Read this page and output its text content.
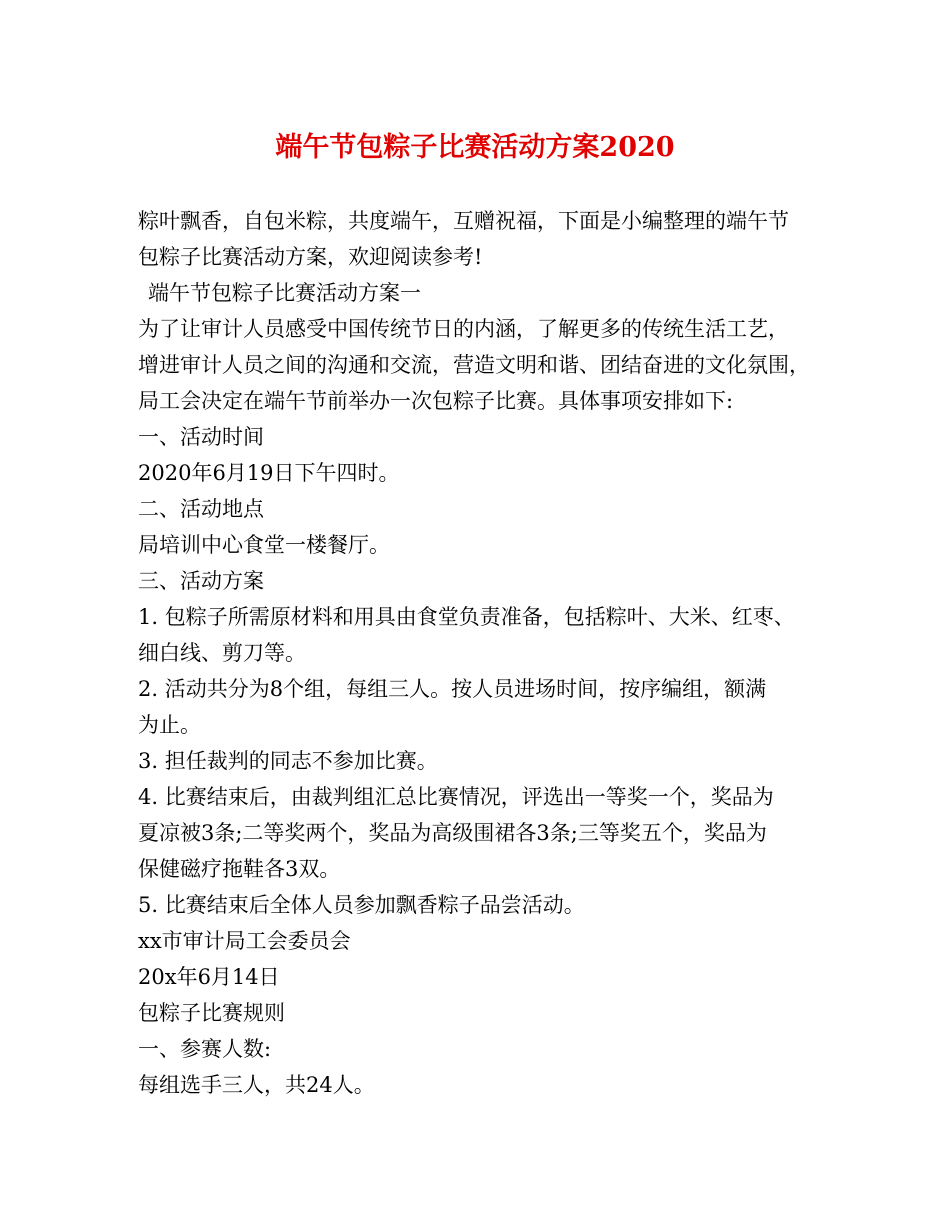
端午节包粽子比赛活动方案2020
粽叶飘香，自包米粽，共度端午，互赠祝福，下面是小编整理的端午节
包粽子比赛活动方案，欢迎阅读参考!
端午节包粽子比赛活动方案一
为了让审计人员感受中国传统节日的内涵，了解更多的传统生活工艺，
增进审计人员之间的沟通和交流，营造文明和谐、团结奋进的文化氛围，
局工会决定在端午节前举办一次包粽子比赛。具体事项安排如下:
一、活动时间
2020年6月19日下午四时。
二、活动地点
局培训中心食堂一楼餐厅。
三、活动方案
1. 包粽子所需原材料和用具由食堂负责准备，包括粽叶、大米、红枣、
细白线、剪刀等。
2. 活动共分为8个组，每组三人。按人员进场时间，按序编组，额满
为止。
3. 担任裁判的同志不参加比赛。
4. 比赛结束后，由裁判组汇总比赛情况，评选出一等奖一个，奖品为
夏凉被3条;二等奖两个，奖品为高级围裙各3条;三等奖五个，奖品为
保健磁疗拖鞋各3双。
5. 比赛结束后全体人员参加飘香粽子品尝活动。
xx市审计局工会委员会
20x年6月14日
包粽子比赛规则
一、参赛人数:
每组选手三人，共24人。
